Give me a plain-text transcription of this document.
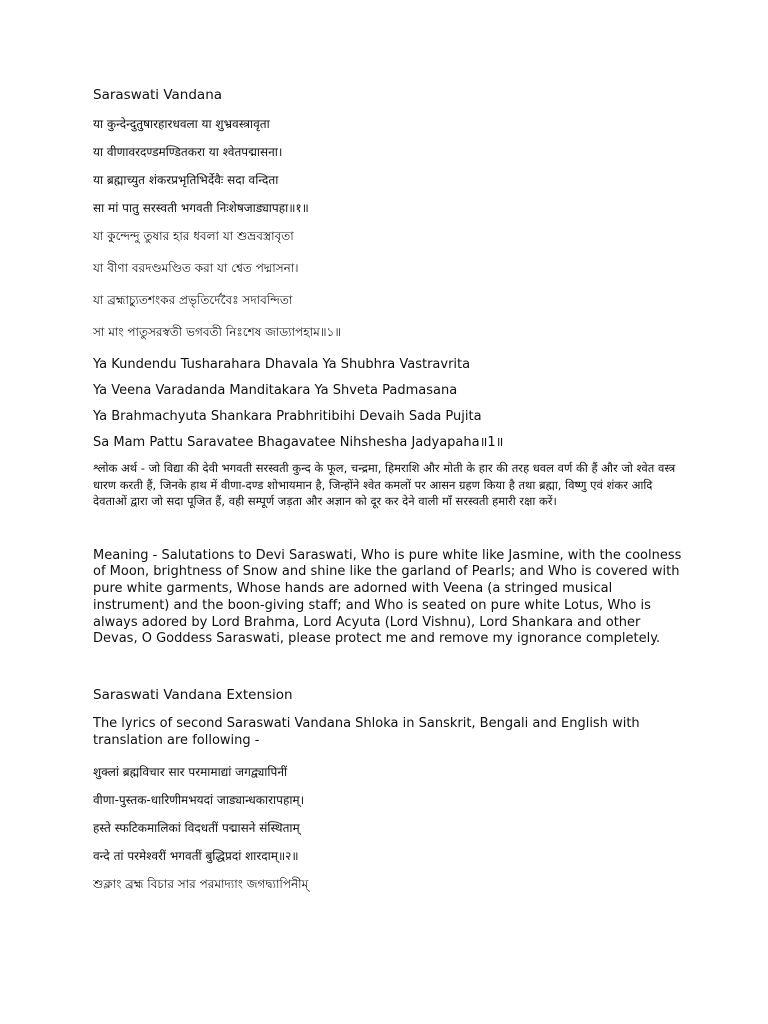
Saraswati Vandana
या कुन्देन्दुतुषारहारधवला या शुभ्रवस्त्रावृता
या वीणावरदण्डमण्डितकरा या श्वेतपद्मासना।
या ब्रह्माच्युत शंकरप्रभृतिभिर्देवैः सदा वन्दिता
सा मां पातु सरस्वती भगवती निःशेषजाड्यापहा॥१॥
যা কুন্দেন্দু তুষার হার ধবলা যা শুভ্রবস্ত্রাবৃতা
যা বীণা বরদণ্ডমণ্ডিত করা যা শ্বেত পদ্মাসনা।
যা ব্রহ্মাচ্যুতশংকর প্রভৃতির্দেবৈঃ সদাবন্দিতা
সা মাং পাতুসরস্বতী ভগবতী নিঃশেষ জাড্যাপহাম॥১॥
Ya Kundendu Tusharahara Dhavala Ya Shubhra Vastravrita
Ya Veena Varadanda Manditakara Ya Shveta Padmasana
Ya Brahmachyuta Shankara Prabhritibihi Devaih Sada Pujita
Sa Mam Pattu Saravatee Bhagavatee Nihshesha Jadyapaha॥1॥
श्लोक अर्थ - जो विद्या की देवी भगवती सरस्वती कुन्द के फूल, चन्द्रमा, हिमराशि और मोती के हार की तरह धवल वर्ण की हैं और जो श्वेत वस्त्र धारण करती हैं, जिनके हाथ में वीणा-दण्ड शोभायमान है, जिन्होंने श्वेत कमलों पर आसन ग्रहण किया है तथा ब्रह्मा, विष्णु एवं शंकर आदि देवताओं द्वारा जो सदा पूजित हैं, वही सम्पूर्ण जड़ता और अज्ञान को दूर कर देने वाली माँ सरस्वती हमारी रक्षा करें।
Meaning - Salutations to Devi Saraswati, Who is pure white like Jasmine, with the coolness of Moon, brightness of Snow and shine like the garland of Pearls; and Who is covered with pure white garments, Whose hands are adorned with Veena (a stringed musical instrument) and the boon-giving staff; and Who is seated on pure white Lotus, Who is always adored by Lord Brahma, Lord Acyuta (Lord Vishnu), Lord Shankara and other Devas, O Goddess Saraswati, please protect me and remove my ignorance completely.
Saraswati Vandana Extension
The lyrics of second Saraswati Vandana Shloka in Sanskrit, Bengali and English with translation are following -
शुक्लां ब्रह्मविचार सार परमामाद्यां जगद्व्यापिनीं
वीणा-पुस्तक-धारिणीमभयदां जाड्यान्धकारापहाम्‌।
हस्ते स्फटिकमालिकां विदधतीं पद्मासने संस्थिताम्‌
वन्दे तां परमेश्वरीं भगवतीं बुद्धिप्रदां शारदाम्‌॥२॥
শুক্লাং ব্রহ্ম বিচার সার পরমাদ্যাং জগদ্ব্যাপিনীম্
